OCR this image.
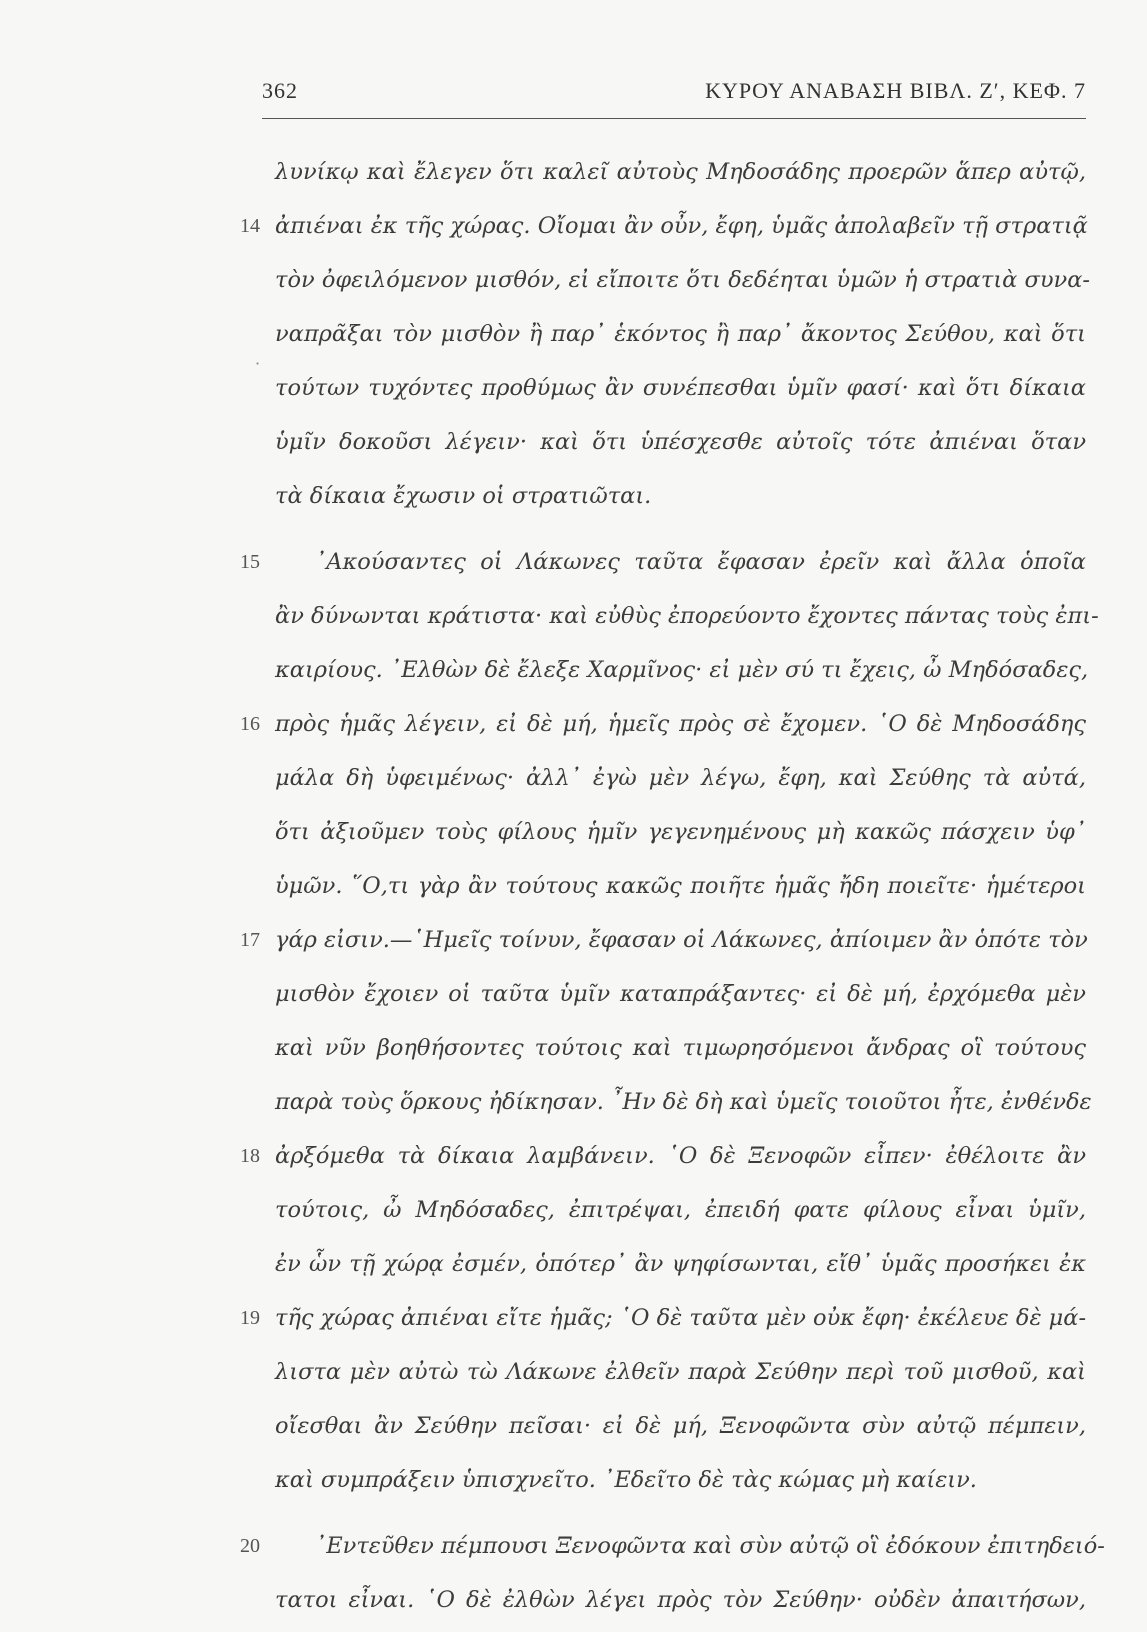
362	ΚΥΡΟΥ ΑΝΑΒΑΣΗ ΒΙΒΛ. Ζ′, ΚΕΦ. 7
·
λυνίκῳ καὶ ἔλεγεν ὅτι καλεῖ αὐτοὺς Μηδοσάδης προερῶν ἅπερ αὐτῷ,
14 ἀπιέναι ἐκ τῆς χώρας. Οἴομαι ἂν οὖν, ἔφη, ὑμᾶς ἀπολαβεῖν τῇ στρατιᾷ
τὸν ὀφειλόμενον μισθόν, εἰ εἴποιτε ὅτι δεδέηται ὑμῶν ἡ στρατιὰ συνα-
ναπρᾶξαι τὸν μισθὸν ἢ παρ᾽ ἑκόντος ἢ παρ᾽ ἄκοντος Σεύθου, καὶ ὅτι
τούτων τυχόντες προθύμως ἂν συνέπεσθαι ὑμῖν φασί· καὶ ὅτι δίκαια
ὑμῖν δοκοῦσι λέγειν· καὶ ὅτι ὑπέσχεσθε αὐτοῖς τότε ἀπιέναι ὅταν
τὰ δίκαια ἔχωσιν οἱ στρατιῶται.
15	᾿Ακούσαντες οἱ Λάκωνες ταῦτα ἔφασαν ἐρεῖν καὶ ἄλλα ὁποῖα
ἂν δύνωνται κράτιστα· καὶ εὐθὺς ἐπορεύοντο ἔχοντες πάντας τοὺς ἐπι-
καιρίους. ᾿Ελθὼν δὲ ἔλεξε Χαρμῖνος· εἰ μὲν σύ τι ἔχεις, ὦ Μηδόσαδες,
16 πρὸς ἡμᾶς λέγειν, εἰ δὲ μή, ἡμεῖς πρὸς σὲ ἔχομεν. ῾Ο δὲ Μηδοσάδης
μάλα δὴ ὑφειμένως· ἀλλ᾽ ἐγὼ μὲν λέγω, ἔφη, καὶ Σεύθης τὰ αὐτά,
ὅτι ἀξιοῦμεν τοὺς φίλους ἡμῖν γεγενημένους μὴ κακῶς πάσχειν ὑφ᾽
ὑμῶν. ῞Ο,τι γὰρ ἂν τούτους κακῶς ποιῆτε ἡμᾶς ἤδη ποιεῖτε· ἡμέτεροι
17 γάρ εἰσιν.—῾Ημεῖς τοίνυν, ἔφασαν οἱ Λάκωνες, ἀπίοιμεν ἂν ὁπότε τὸν
μισθὸν ἔχοιεν οἱ ταῦτα ὑμῖν καταπράξαντες· εἰ δὲ μή, ἐρχόμεθα μὲν
καὶ νῦν βοηθήσοντες τούτοις καὶ τιμωρησόμενοι ἄνδρας οἳ τούτους
παρὰ τοὺς ὅρκους ἠδίκησαν. ῏Ην δὲ δὴ καὶ ὑμεῖς τοιοῦτοι ἦτε, ἐνθένδε
18 ἀρξόμεθα τὰ δίκαια λαμβάνειν. ῾Ο δὲ Ξενοφῶν εἶπεν· ἐθέλοιτε ἂν
τούτοις, ὦ Μηδόσαδες, ἐπιτρέψαι, ἐπειδή φατε φίλους εἶναι ὑμῖν,
ἐν ὧν τῇ χώρᾳ ἐσμέν, ὁπότερ᾽ ἂν ψηφίσωνται, εἴθ᾽ ὑμᾶς προσήκει ἐκ
19 τῆς χώρας ἀπιέναι εἴτε ἡμᾶς; ῾Ο δὲ ταῦτα μὲν οὐκ ἔφη· ἐκέλευε δὲ μά-
λιστα μὲν αὐτὼ τὼ Λάκωνε ἐλθεῖν παρὰ Σεύθην περὶ τοῦ μισθοῦ, καὶ
οἴεσθαι ἂν Σεύθην πεῖσαι· εἰ δὲ μή, Ξενοφῶντα σὺν αὐτῷ πέμπειν,
καὶ συμπράξειν ὑπισχνεῖτο. ᾿Εδεῖτο δὲ τὰς κώμας μὴ καίειν.
20	᾿Εντεῦθεν πέμπουσι Ξενοφῶντα καὶ σὺν αὐτῷ οἳ ἐδόκουν ἐπιτηδειό-
τατοι εἶναι. ῾Ο δὲ ἐλθὼν λέγει πρὸς τὸν Σεύθην· οὐδὲν ἀπαιτήσων,
